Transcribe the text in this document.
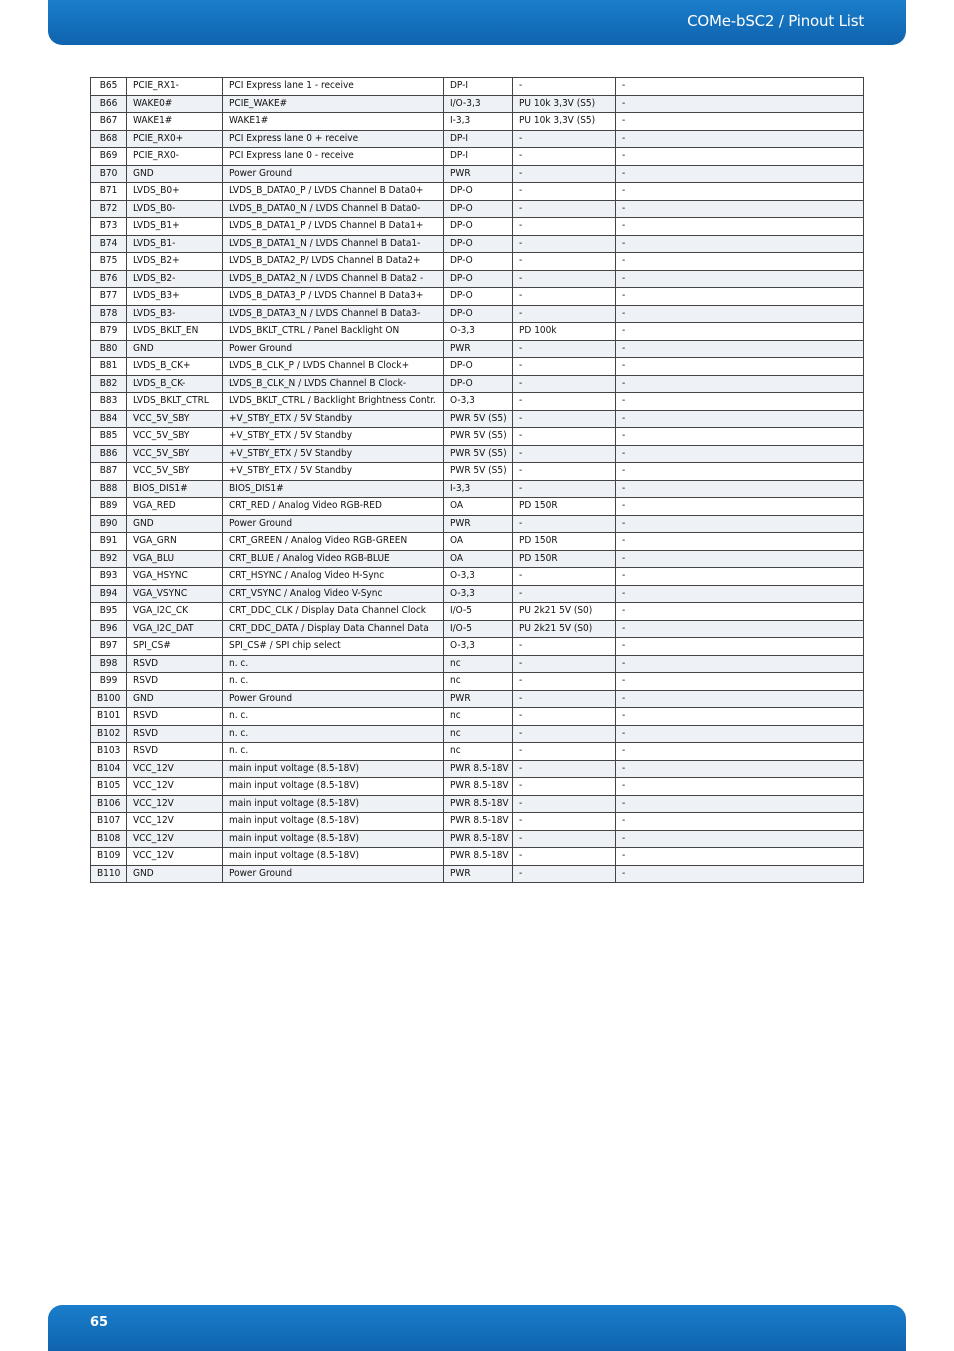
COMe-bSC2 / Pinout List
B65	PCIE_RX1-	PCI Express lane 1 - receive	DP-I	-	-
B66	WAKE0#	PCIE_WAKE#	I/O-3,3	PU 10k 3,3V (S5)	-
B67	WAKE1#	WAKE1#	I-3,3	PU 10k 3,3V (S5)	-
B68	PCIE_RX0+	PCI Express lane 0 + receive	DP-I	-	-
B69	PCIE_RX0-	PCI Express lane 0 - receive	DP-I	-	-
B70	GND	Power Ground	PWR	-	-
B71	LVDS_B0+	LVDS_B_DATA0_P / LVDS Channel B Data0+	DP-O	-	-
B72	LVDS_B0-	LVDS_B_DATA0_N / LVDS Channel B Data0-	DP-O	-	-
B73	LVDS_B1+	LVDS_B_DATA1_P / LVDS Channel B Data1+	DP-O	-	-
B74	LVDS_B1-	LVDS_B_DATA1_N / LVDS Channel B Data1-	DP-O	-	-
B75	LVDS_B2+	LVDS_B_DATA2_P/ LVDS Channel B Data2+	DP-O	-	-
B76	LVDS_B2-	LVDS_B_DATA2_N / LVDS Channel B Data2 -	DP-O	-	-
B77	LVDS_B3+	LVDS_B_DATA3_P / LVDS Channel B Data3+	DP-O	-	-
B78	LVDS_B3-	LVDS_B_DATA3_N / LVDS Channel B Data3-	DP-O	-	-
B79	LVDS_BKLT_EN	LVDS_BKLT_CTRL / Panel Backlight ON	O-3,3	PD 100k	-
B80	GND	Power Ground	PWR	-	-
B81	LVDS_B_CK+	LVDS_B_CLK_P / LVDS Channel B Clock+	DP-O	-	-
B82	LVDS_B_CK-	LVDS_B_CLK_N / LVDS Channel B Clock-	DP-O	-	-
B83	LVDS_BKLT_CTRL	LVDS_BKLT_CTRL / Backlight Brightness Contr.	O-3,3	-	-
B84	VCC_5V_SBY	+V_STBY_ETX / 5V Standby	PWR 5V (S5)	-	-
B85	VCC_5V_SBY	+V_STBY_ETX / 5V Standby	PWR 5V (S5)	-	-
B86	VCC_5V_SBY	+V_STBY_ETX / 5V Standby	PWR 5V (S5)	-	-
B87	VCC_5V_SBY	+V_STBY_ETX / 5V Standby	PWR 5V (S5)	-	-
B88	BIOS_DIS1#	BIOS_DIS1#	I-3,3	-	-
B89	VGA_RED	CRT_RED / Analog Video RGB-RED	OA	PD 150R	-
B90	GND	Power Ground	PWR	-	-
B91	VGA_GRN	CRT_GREEN / Analog Video RGB-GREEN	OA	PD 150R	-
B92	VGA_BLU	CRT_BLUE / Analog Video RGB-BLUE	OA	PD 150R	-
B93	VGA_HSYNC	CRT_HSYNC / Analog Video H-Sync	O-3,3	-	-
B94	VGA_VSYNC	CRT_VSYNC / Analog Video V-Sync	O-3,3	-	-
B95	VGA_I2C_CK	CRT_DDC_CLK / Display Data Channel Clock	I/O-5	PU 2k21 5V (S0)	-
B96	VGA_I2C_DAT	CRT_DDC_DATA / Display Data Channel Data	I/O-5	PU 2k21 5V (S0)	-
B97	SPI_CS#	SPI_CS# / SPI chip select	O-3,3	-	-
B98	RSVD	n. c.	nc	-	-
B99	RSVD	n. c.	nc	-	-
B100	GND	Power Ground	PWR	-	-
B101	RSVD	n. c.	nc	-	-
B102	RSVD	n. c.	nc	-	-
B103	RSVD	n. c.	nc	-	-
B104	VCC_12V	main input voltage (8.5-18V)	PWR 8.5-18V	-	-
B105	VCC_12V	main input voltage (8.5-18V)	PWR 8.5-18V	-	-
B106	VCC_12V	main input voltage (8.5-18V)	PWR 8.5-18V	-	-
B107	VCC_12V	main input voltage (8.5-18V)	PWR 8.5-18V	-	-
B108	VCC_12V	main input voltage (8.5-18V)	PWR 8.5-18V	-	-
B109	VCC_12V	main input voltage (8.5-18V)	PWR 8.5-18V	-	-
B110	GND	Power Ground	PWR	-	-
65
